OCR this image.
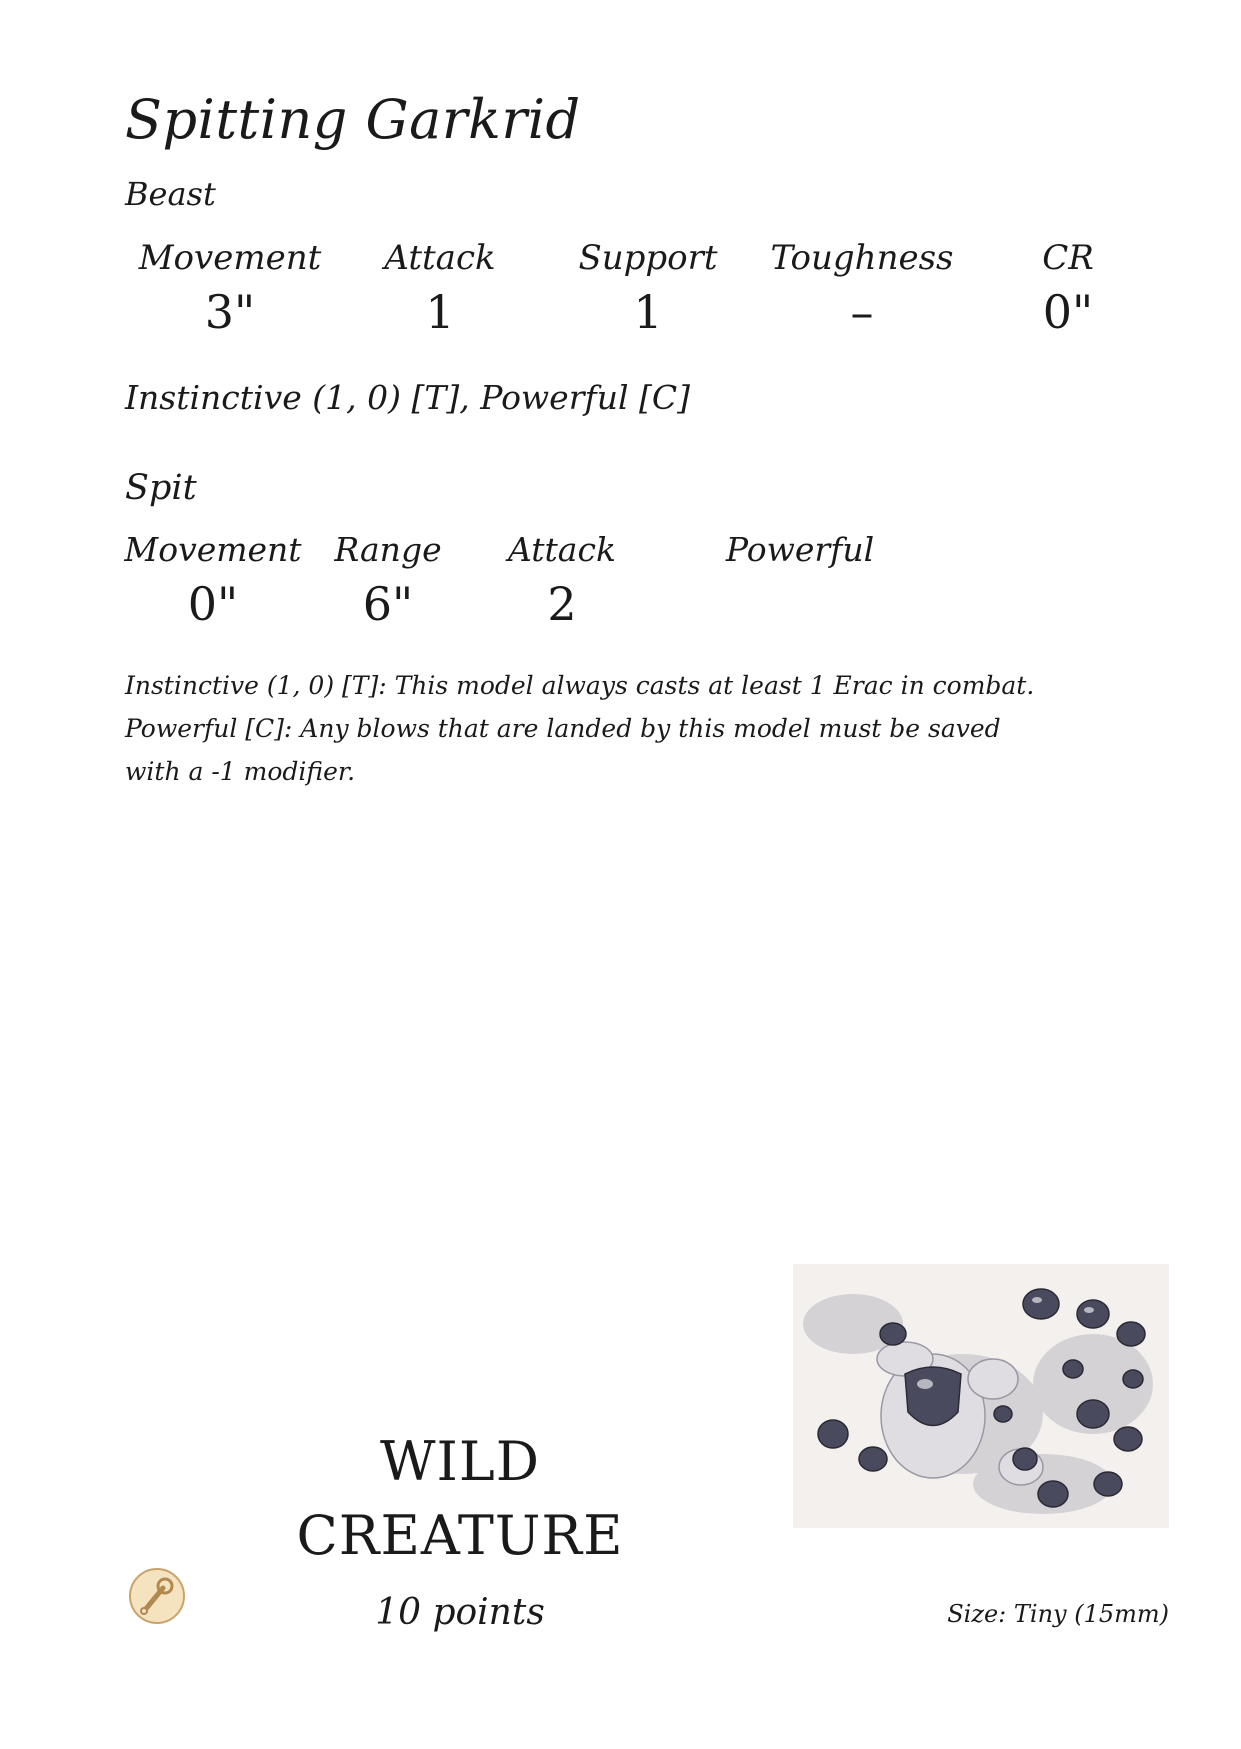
Spitting Garkrid
Beast
Movement
3"
Attack
1
Support
1
Toughness
–
CR
0"
Instinctive (1, 0) [T], Powerful [C]
Spit
Movement
0"
Range
6"
Attack
2
Powerful

Instinctive (1, 0) [T]: This model always casts at least 1 Erac in combat.

Powerful [C]: Any blows that are landed by this model must be saved with a -1 modifier.

WILD
CREATURE
10 points	Size: Tiny (15mm)
